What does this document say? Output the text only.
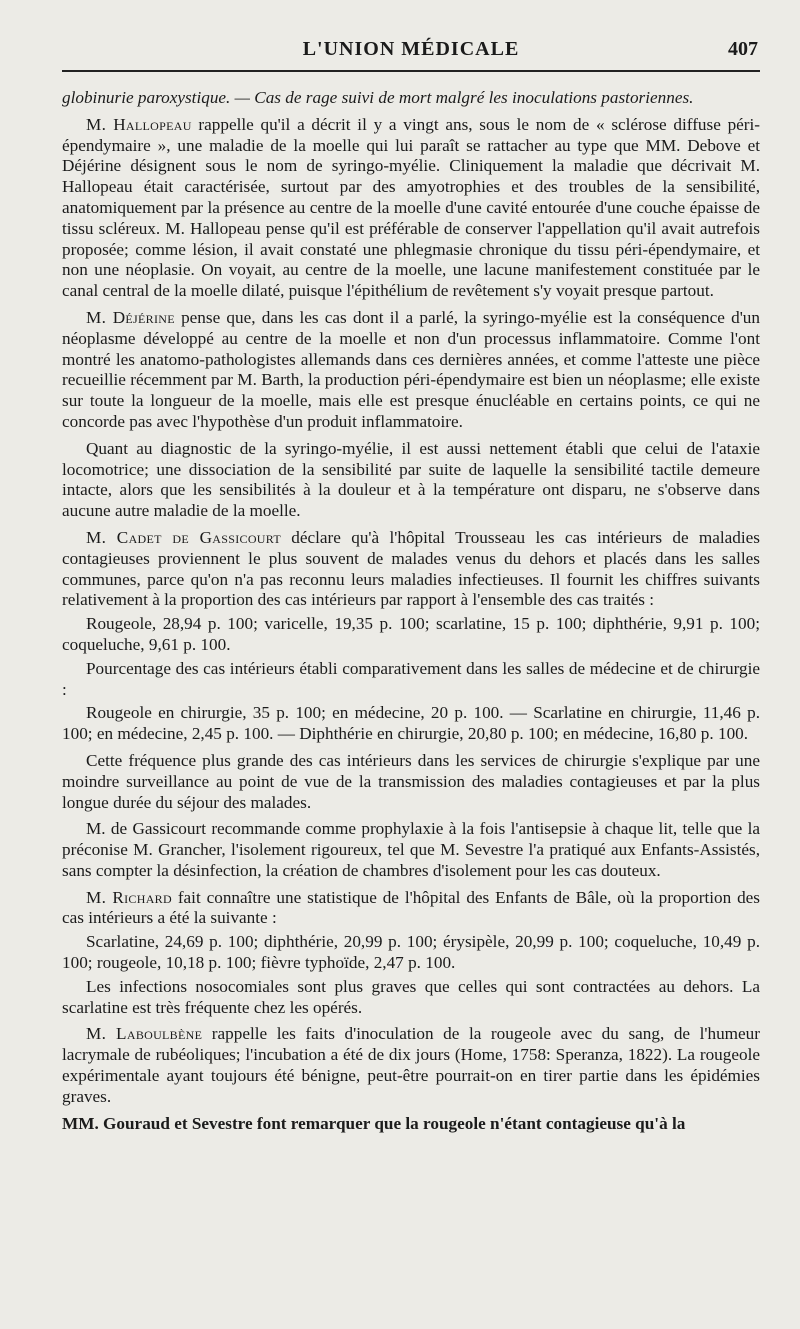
L'UNION MÉDICALE	407

globinurie paroxystique. — Cas de rage suivi de mort malgré les inoculations pastoriennes.

M. Hallopeau rappelle qu'il a décrit il y a vingt ans, sous le nom de « sclérose diffuse péri-épendymaire », une maladie de la moelle qui lui paraît se rattacher au type que MM. Debove et Déjérine désignent sous le nom de syringo-myélie. Cliniquement la maladie que décrivait M. Hallopeau était caractérisée, surtout par des amyotrophies et des troubles de la sensibilité, anatomiquement par la présence au centre de la moelle d'une cavité entourée d'une couche épaisse de tissu scléreux. M. Hallopeau pense qu'il est préférable de conserver l'appellation qu'il avait autrefois proposée; comme lésion, il avait constaté une phlegmasie chronique du tissu péri-épendymaire, et non une néoplasie. On voyait, au centre de la moelle, une lacune manifestement constituée par le canal central de la moelle dilaté, puisque l'épithélium de revêtement s'y voyait presque partout.

M. Déjérine pense que, dans les cas dont il a parlé, la syringo-myélie est la conséquence d'un néoplasme développé au centre de la moelle et non d'un processus inflammatoire. Comme l'ont montré les anatomo-pathologistes allemands dans ces dernières années, et comme l'atteste une pièce recueillie récemment par M. Barth, la production péri-épendymaire est bien un néoplasme; elle existe sur toute la longueur de la moelle, mais elle est presque énucléable en certains points, ce qui ne concorde pas avec l'hypothèse d'un produit inflammatoire.

Quant au diagnostic de la syringo-myélie, il est aussi nettement établi que celui de l'ataxie locomotrice; une dissociation de la sensibilité par suite de laquelle la sensibilité tactile demeure intacte, alors que les sensibilités à la douleur et à la température ont disparu, ne s'observe dans aucune autre maladie de la moelle.

M. Cadet de Gassicourt déclare qu'à l'hôpital Trousseau les cas intérieurs de maladies contagieuses proviennent le plus souvent de malades venus du dehors et placés dans les salles communes, parce qu'on n'a pas reconnu leurs maladies infectieuses. Il fournit les chiffres suivants relativement à la proportion des cas intérieurs par rapport à l'ensemble des cas traités :

Rougeole, 28,94 p. 100; varicelle, 19,35 p. 100; scarlatine, 15 p. 100; diphthérie, 9,91 p. 100; coqueluche, 9,61 p. 100.

Pourcentage des cas intérieurs établi comparativement dans les salles de médecine et de chirurgie :

Rougeole en chirurgie, 35 p. 100; en médecine, 20 p. 100. — Scarlatine en chirurgie, 11,46 p. 100; en médecine, 2,45 p. 100. — Diphthérie en chirurgie, 20,80 p. 100; en médecine, 16,80 p. 100.

Cette fréquence plus grande des cas intérieurs dans les services de chirurgie s'explique par une moindre surveillance au point de vue de la transmission des maladies contagieuses et par la plus longue durée du séjour des malades.

M. de Gassicourt recommande comme prophylaxie à la fois l'antisepsie à chaque lit, telle que la préconise M. Grancher, l'isolement rigoureux, tel que M. Sevestre l'a pratiqué aux Enfants-Assistés, sans compter la désinfection, la création de chambres d'isolement pour les cas douteux.

M. Richard fait connaître une statistique de l'hôpital des Enfants de Bâle, où la proportion des cas intérieurs a été la suivante :

Scarlatine, 24,69 p. 100; diphthérie, 20,99 p. 100; érysipèle, 20,99 p. 100; coqueluche, 10,49 p. 100; rougeole, 10,18 p. 100; fièvre typhoïde, 2,47 p. 100.

Les infections nosocomiales sont plus graves que celles qui sont contractées au dehors. La scarlatine est très fréquente chez les opérés.

M. Laboulbène rappelle les faits d'inoculation de la rougeole avec du sang, de l'humeur lacrymale de rubéoliques; l'incubation a été de dix jours (Home, 1758: Speranza, 1822). La rougeole expérimentale ayant toujours été bénigne, peut-être pourrait-on en tirer partie dans les épidémies graves.

MM. Gouraud et Sevestre font remarquer que la rougeole n'étant contagieuse qu'à la
